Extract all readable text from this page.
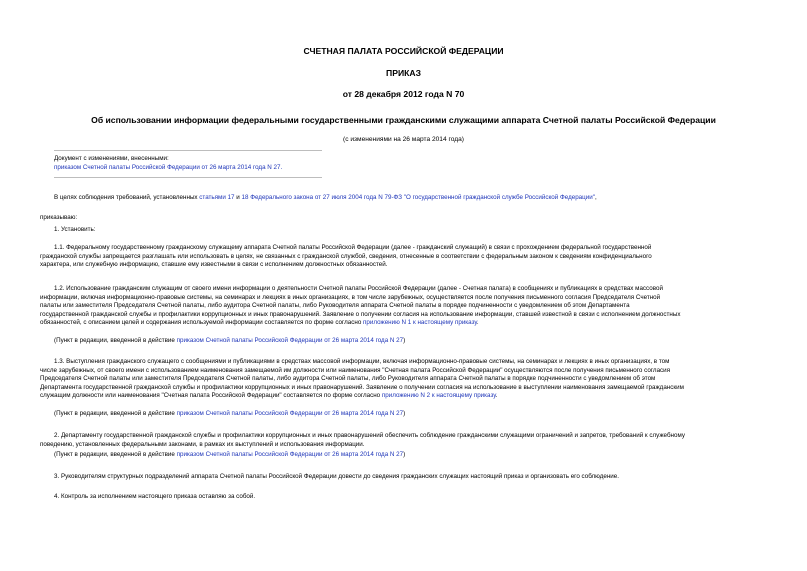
СЧЕТНАЯ ПАЛАТА РОССИЙСКОЙ ФЕДЕРАЦИИ
ПРИКАЗ
от 28 декабря 2012 года N 70
Об использовании информации федеральными государственными гражданскими служащими аппарата Счетной палаты Российской Федерации
(с изменениями на 26 марта 2014 года)
Документ с изменениями, внесенными:
приказом Счетной палаты Российской Федерации от 26 марта 2014 года N 27.
В целях соблюдения требований, установленных статьями 17 и 18 Федерального закона от 27 июля 2004 года N 79-ФЗ "О государственной гражданской службе Российской Федерации",
приказываю:
1. Установить:
1.1. Федеральному государственному гражданскому служащему аппарата Счетной палаты Российской Федерации (далее - гражданский служащий) в связи с прохождением федеральной государственной
гражданской службы запрещается разглашать или использовать в целях, не связанных с гражданской службой, сведения, отнесенные в соответствии с федеральным законом к сведениям конфиденциального
характера, или служебную информацию, ставшие ему известными в связи с исполнением должностных обязанностей.
1.2. Использование гражданским служащим от своего имени информации о деятельности Счетной палаты Российской Федерации (далее - Счетная палата) в сообщениях и публикациях в средствах массовой
информации, включая информационно-правовые системы, на семинарах и лекциях в иных организациях, в том числе зарубежных, осуществляется после получения письменного согласия Председателя Счетной
палаты или заместителя Председателя Счетной палаты, либо аудитора Счетной палаты, либо Руководителя аппарата Счетной палаты в порядке подчиненности с уведомлением об этом Департамента
государственной гражданской службы и профилактики коррупционных и иных правонарушений. Заявление о получении согласия на использование информации, ставшей известной в связи с исполнением должностных
обязанностей, с описанием целей и содержания используемой информации составляется по форме согласно приложению N 1 к настоящему приказу.
(Пункт в редакции, введенной в действие приказом Счетной палаты Российской Федерации от 26 марта 2014 года N 27)
1.3. Выступления гражданского служащего с сообщениями и публикациями в средствах массовой информации, включая информационно-правовые системы, на семинарах и лекциях в иных организациях, в том
числе зарубежных, от своего имени с использованием наименования замещаемой им должности или наименования "Счетная палата Российской Федерации" осуществляются после получения письменного согласия
Председателя Счетной палаты или заместителя Председателя Счетной палаты, либо аудитора Счетной палаты, либо Руководителя аппарата Счетной палаты в порядке подчиненности с уведомлением об этом
Департамента государственной гражданской службы и профилактики коррупционных и иных правонарушений. Заявление о получении согласия на использование в выступлении наименования замещаемой гражданским
служащим должности или наименования "Счетная палата Российской Федерации" составляется по форме согласно приложению N 2 к настоящему приказу.
(Пункт в редакции, введенной в действие приказом Счетной палаты Российской Федерации от 26 марта 2014 года N 27)
2. Департаменту государственной гражданской службы и профилактики коррупционных и иных правонарушений обеспечить соблюдение гражданскими служащими ограничений и запретов, требований к служебному
поведению, установленных федеральными законами, в рамках их выступлений и использования информации.
(Пункт в редакции, введенной в действие приказом Счетной палаты Российской Федерации от 26 марта 2014 года N 27)
3. Руководителям структурных подразделений аппарата Счетной палаты Российской Федерации довести до сведения гражданских служащих настоящий приказ и организовать его соблюдение.
4. Контроль за исполнением настоящего приказа оставляю за собой.
